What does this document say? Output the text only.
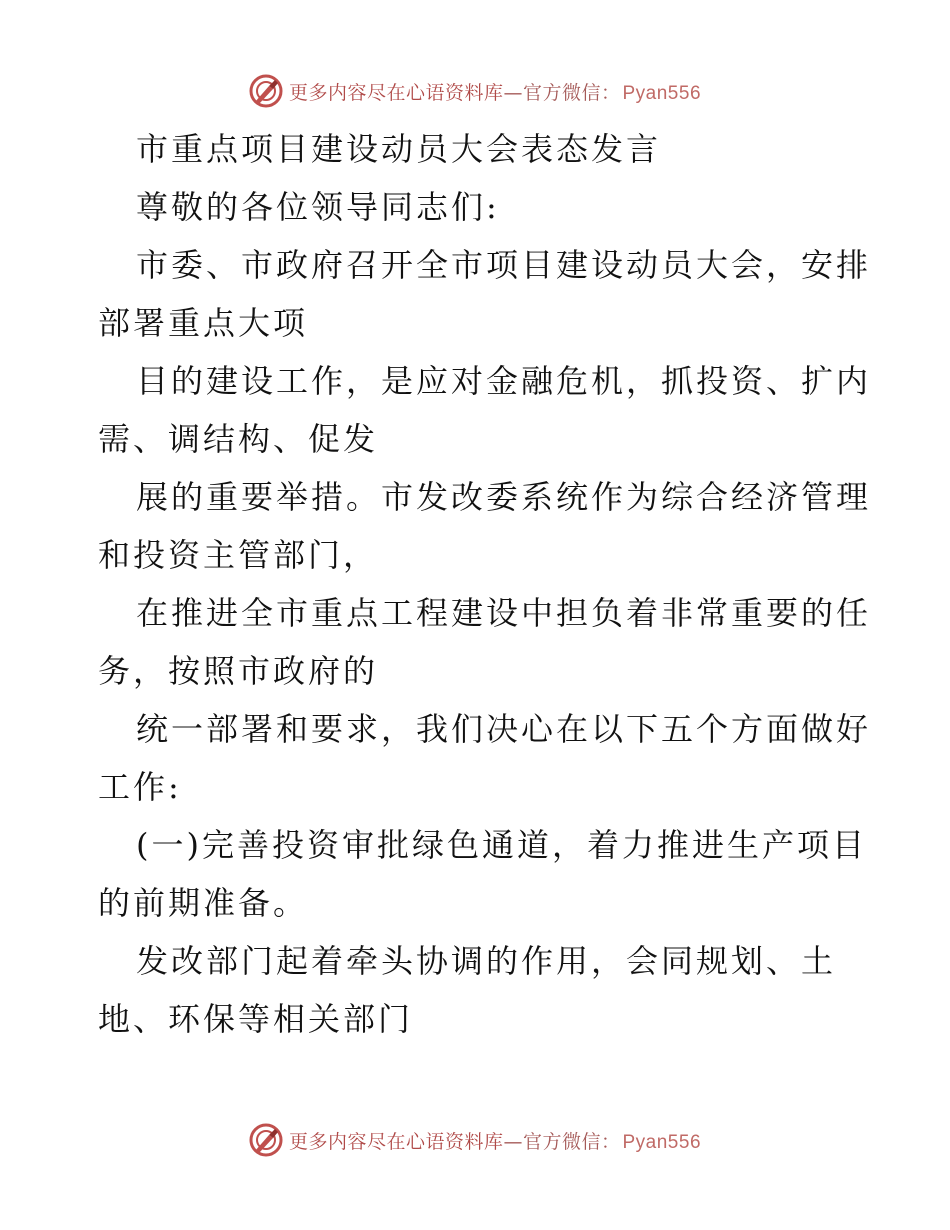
更多内容尽在心语资料库—官方微信： Pyan556
市重点项目建设动员大会表态发言
尊敬的各位领导同志们:
市委、市政府召开全市项目建设动员大会，安排
部署重点大项
目的建设工作，是应对金融危机，抓投资、扩内
需、调结构、促发
展的重要举措。市发改委系统作为综合经济管理
和投资主管部门，
在推进全市重点工程建设中担负着非常重要的任
务，按照市政府的
统一部署和要求，我们决心在以下五个方面做好
工作:
(一)完善投资审批绿色通道，着力推进生产项目
的前期准备。
发改部门起着牵头协调的作用，会同规划、土
地、环保等相关部门
更多内容尽在心语资料库—官方微信： Pyan556
